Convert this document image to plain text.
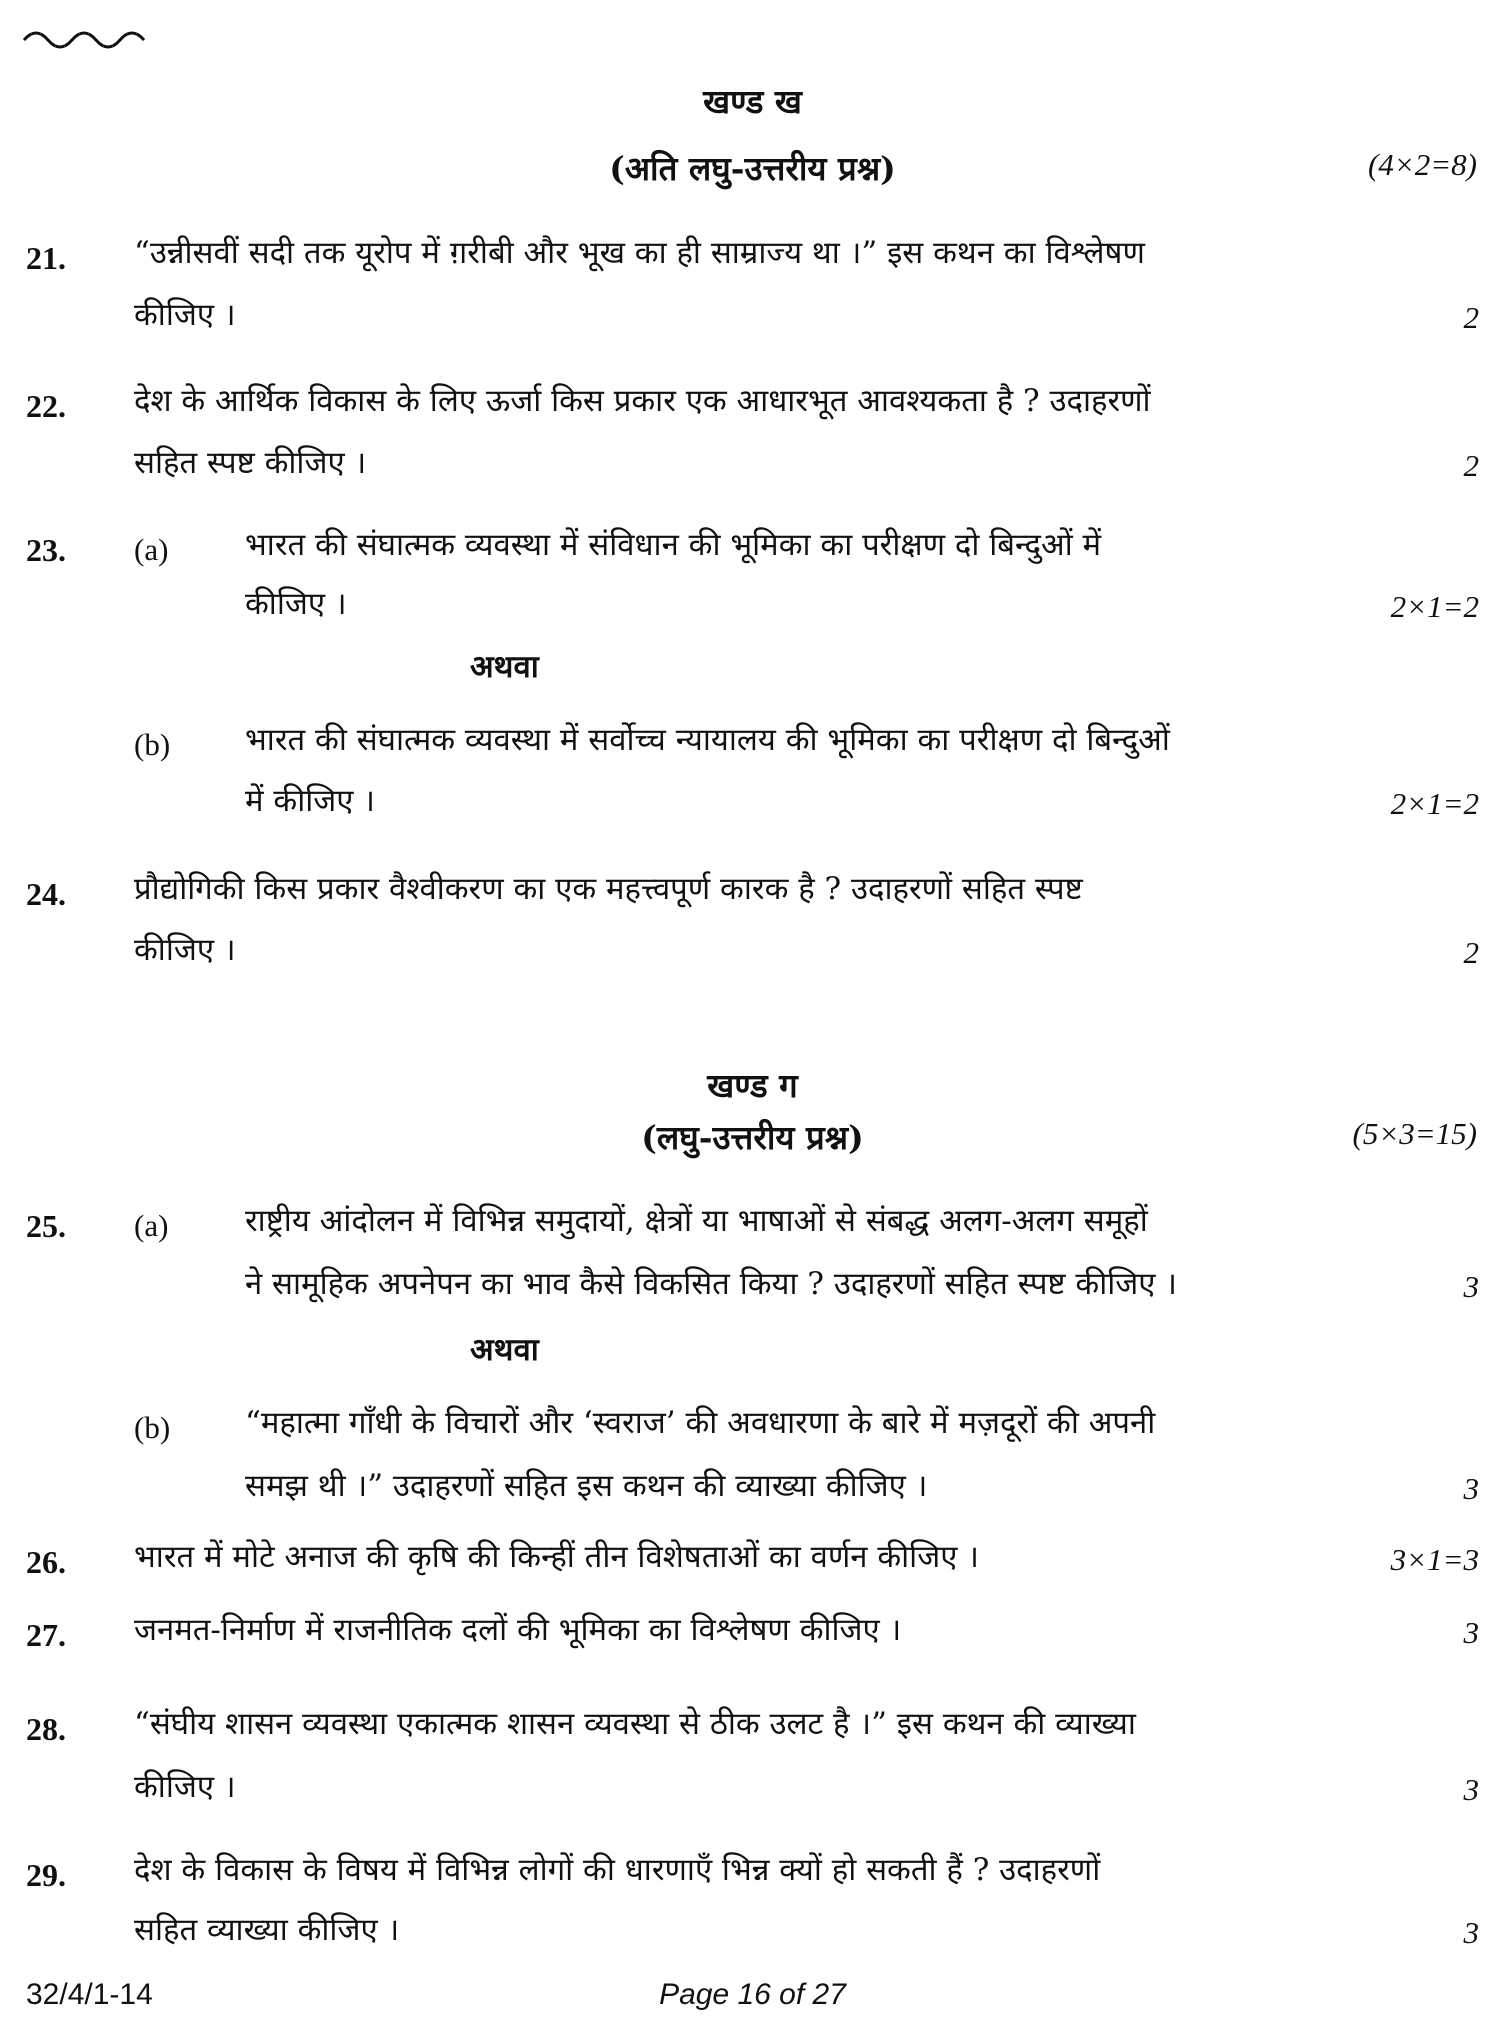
खण्ड ख
(अति लघु-उत्तरीय प्रश्न)	(4×2=8)
21.	“उन्नीसवीं सदी तक यूरोप में ग़रीबी और भूख का ही साम्राज्य था ।” इस कथन का विश्लेषण
कीजिए ।	2
22.	देश के आर्थिक विकास के लिए ऊर्जा किस प्रकार एक आधारभूत आवश्यकता है ? उदाहरणों
सहित स्पष्ट कीजिए ।	2
23.	(a) भारत की संघात्मक व्यवस्था में संविधान की भूमिका का परीक्षण दो बिन्दुओं में
कीजिए ।	2×1=2
अथवा
(b) भारत की संघात्मक व्यवस्था में सर्वोच्च न्यायालय की भूमिका का परीक्षण दो बिन्दुओं
में कीजिए ।	2×1=2
24.	प्रौद्योगिकी किस प्रकार वैश्वीकरण का एक महत्त्वपूर्ण कारक है ? उदाहरणों सहित स्पष्ट
कीजिए ।	2
खण्ड ग
(लघु-उत्तरीय प्रश्न)	(5×3=15)
25.	(a) राष्ट्रीय आंदोलन में विभिन्न समुदायों, क्षेत्रों या भाषाओं से संबद्ध अलग-अलग समूहों
ने सामूहिक अपनेपन का भाव कैसे विकसित किया ? उदाहरणों सहित स्पष्ट कीजिए ।	3
अथवा
(b) “महात्मा गाँधी के विचारों और ‘स्वराज’ की अवधारणा के बारे में मज़दूरों की अपनी
समझ थी ।” उदाहरणों सहित इस कथन की व्याख्या कीजिए ।	3
26.	भारत में मोटे अनाज की कृषि की किन्हीं तीन विशेषताओं का वर्णन कीजिए ।	3×1=3
27.	जनमत-निर्माण में राजनीतिक दलों की भूमिका का विश्लेषण कीजिए ।	3
28.	“संघीय शासन व्यवस्था एकात्मक शासन व्यवस्था से ठीक उलट है ।” इस कथन की व्याख्या
कीजिए ।	3
29.	देश के विकास के विषय में विभिन्न लोगों की धारणाएँ भिन्न क्यों हो सकती हैं ? उदाहरणों
सहित व्याख्या कीजिए ।	3
32/4/1-14	Page 16 of 27
